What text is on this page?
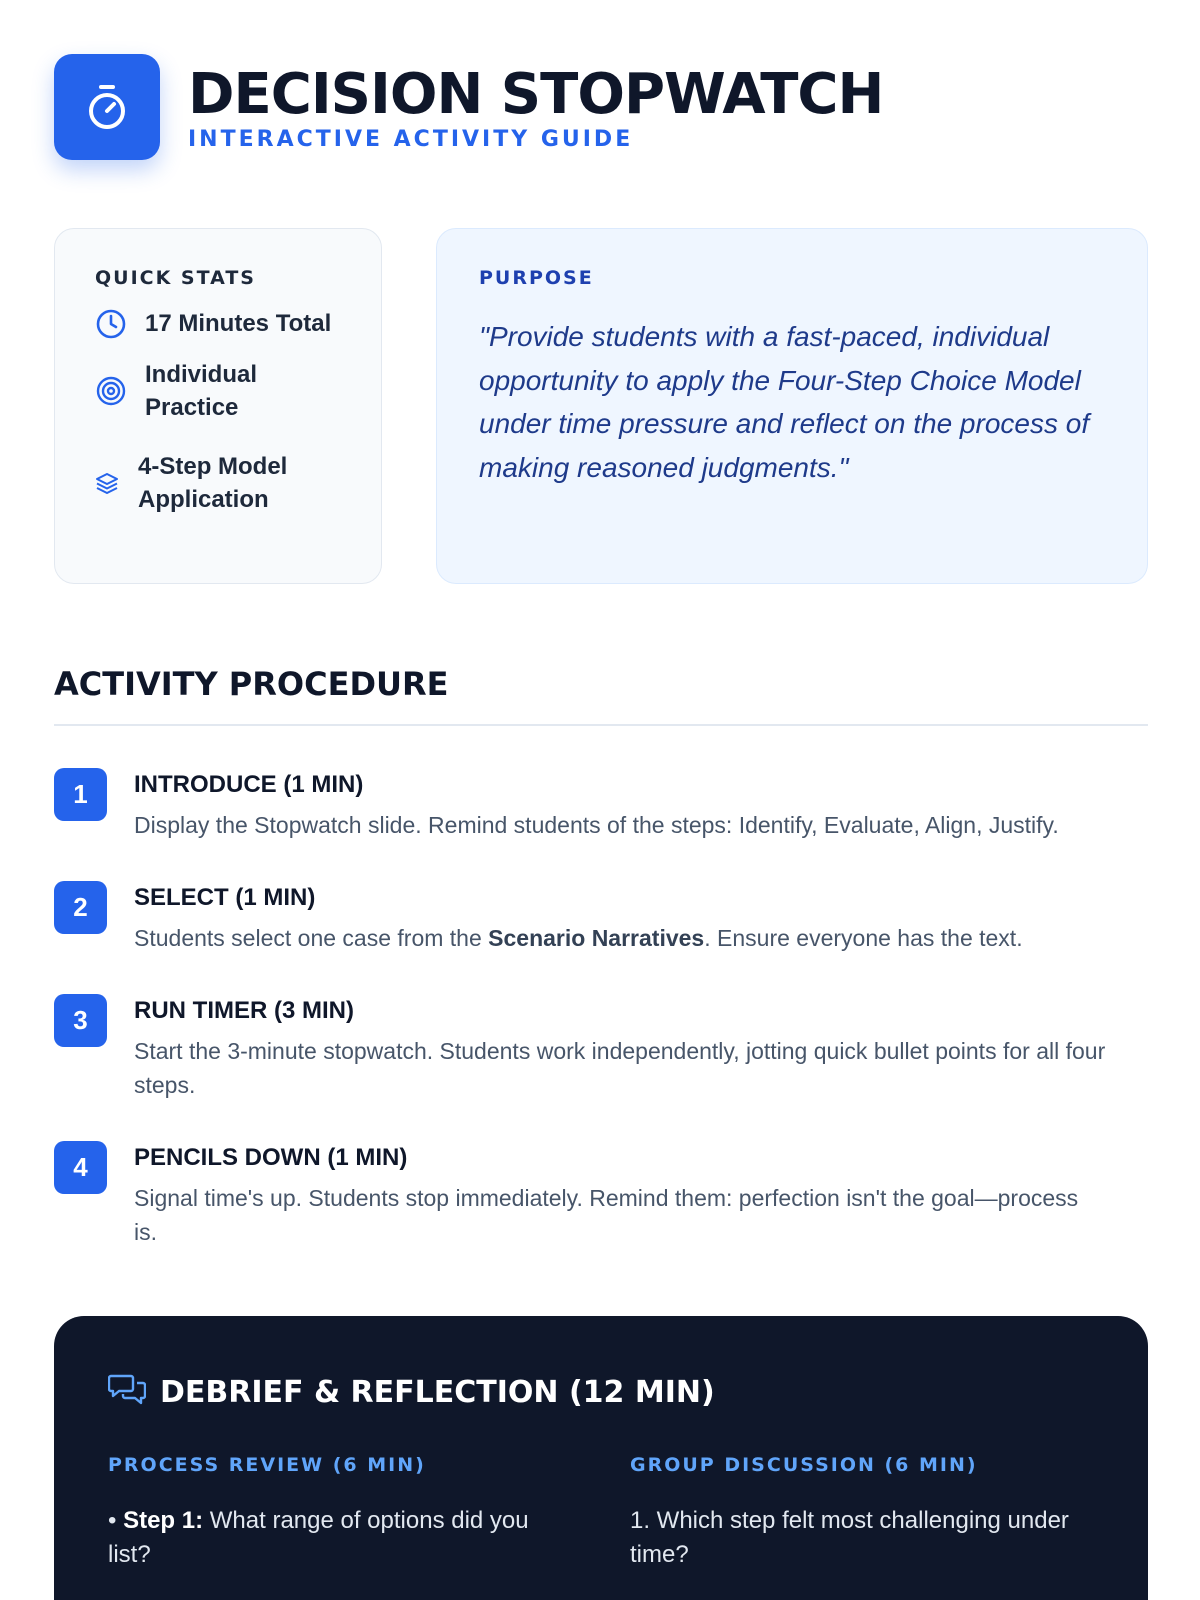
DECISION STOPWATCH
INTERACTIVE ACTIVITY GUIDE
QUICK STATS
17 Minutes Total
Individual Practice
4-Step Model Application
PURPOSE
"Provide students with a fast-paced, individual opportunity to apply the Four-Step Choice Model under time pressure and reflect on the process of making reasoned judgments."
ACTIVITY PROCEDURE
1	INTRODUCE (1 MIN)
Display the Stopwatch slide. Remind students of the steps: Identify, Evaluate, Align, Justify.
2	SELECT (1 MIN)
Students select one case from the Scenario Narratives. Ensure everyone has the text.
3	RUN TIMER (3 MIN)
Start the 3-minute stopwatch. Students work independently, jotting quick bullet points for all four steps.
4	PENCILS DOWN (1 MIN)
Signal time's up. Students stop immediately. Remind them: perfection isn't the goal—process is.
DEBRIEF & REFLECTION (12 MIN)
PROCESS REVIEW (6 MIN)
• Step 1: What range of options did you list?
GROUP DISCUSSION (6 MIN)
1. Which step felt most challenging under time?
